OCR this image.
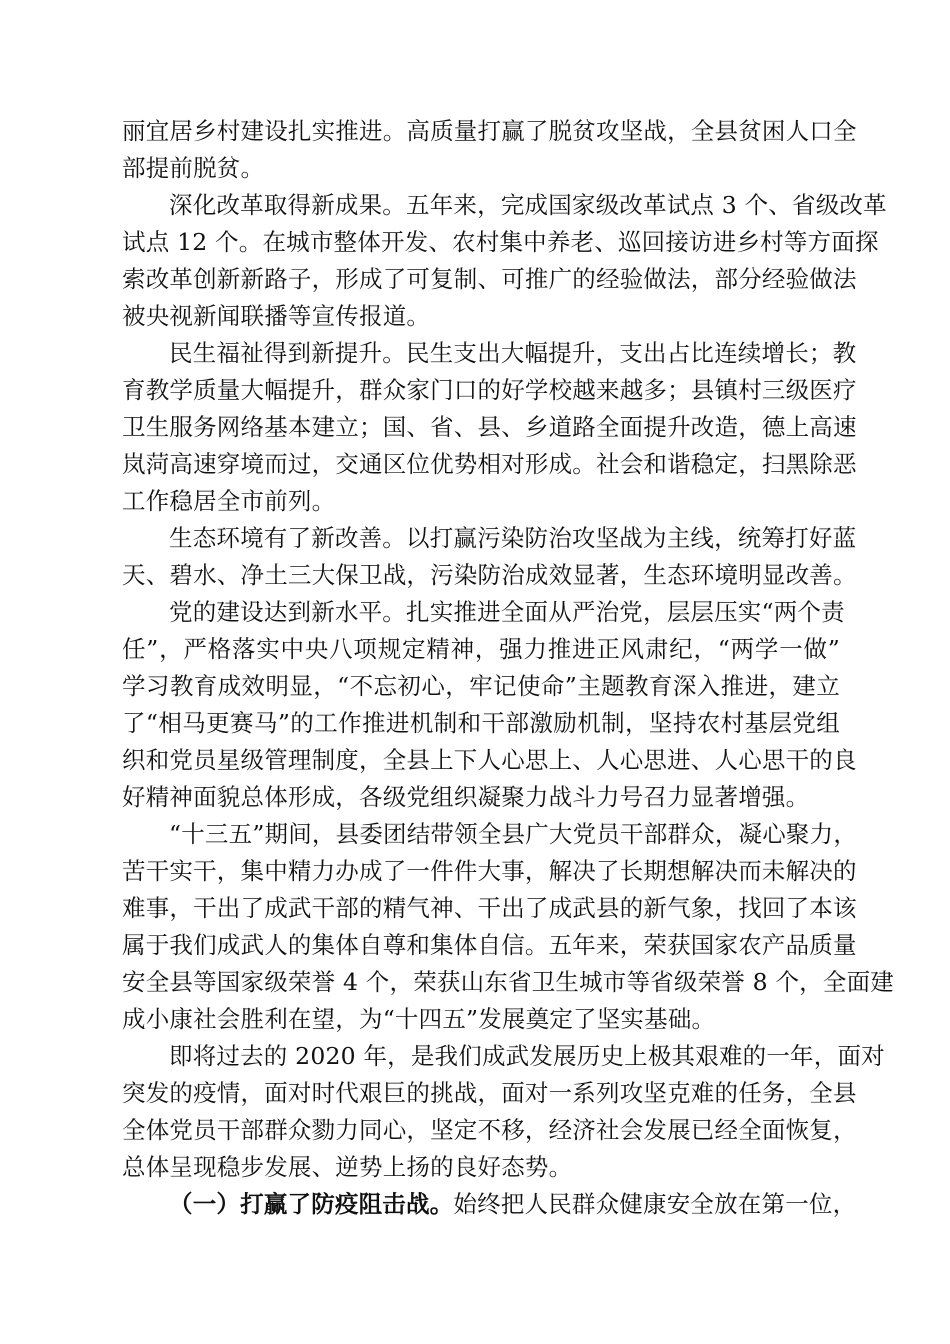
丽宜居乡村建设扎实推进。高质量打赢了脱贫攻坚战，全县贫困人口全
部提前脱贫。
深化改革取得新成果。五年来，完成国家级改革试点 3 个、省级改革
试点 12 个。在城市整体开发、农村集中养老、巡回接访进乡村等方面探
索改革创新新路子，形成了可复制、可推广的经验做法，部分经验做法
被央视新闻联播等宣传报道。
民生福祉得到新提升。民生支出大幅提升，支出占比连续增长；教
育教学质量大幅提升，群众家门口的好学校越来越多；县镇村三级医疗
卫生服务网络基本建立；国、省、县、乡道路全面提升改造，德上高速
岚菏高速穿境而过，交通区位优势相对形成。社会和谐稳定，扫黑除恶
工作稳居全市前列。
生态环境有了新改善。以打赢污染防治攻坚战为主线，统筹打好蓝
天、碧水、净土三大保卫战，污染防治成效显著，生态环境明显改善。
党的建设达到新水平。扎实推进全面从严治党，层层压实“两个责
任”，严格落实中央八项规定精神，强力推进正风肃纪，“两学一做”
学习教育成效明显，“不忘初心，牢记使命”主题教育深入推进，建立
了“相马更赛马”的工作推进机制和干部激励机制，坚持农村基层党组
织和党员星级管理制度，全县上下人心思上、人心思进、人心思干的良
好精神面貌总体形成，各级党组织凝聚力战斗力号召力显著增强。
“十三五”期间，县委团结带领全县广大党员干部群众，凝心聚力，
苦干实干，集中精力办成了一件件大事，解决了长期想解决而未解决的
难事，干出了成武干部的精气神、干出了成武县的新气象，找回了本该
属于我们成武人的集体自尊和集体自信。五年来，荣获国家农产品质量
安全县等国家级荣誉 4 个，荣获山东省卫生城市等省级荣誉 8 个，全面建
成小康社会胜利在望，为“十四五”发展奠定了坚实基础。
即将过去的 2020 年，是我们成武发展历史上极其艰难的一年，面对
突发的疫情，面对时代艰巨的挑战，面对一系列攻坚克难的任务，全县
全体党员干部群众勠力同心，坚定不移，经济社会发展已经全面恢复，
总体呈现稳步发展、逆势上扬的良好态势。
（一）打赢了防疫阻击战。始终把人民群众健康安全放在第一位，
